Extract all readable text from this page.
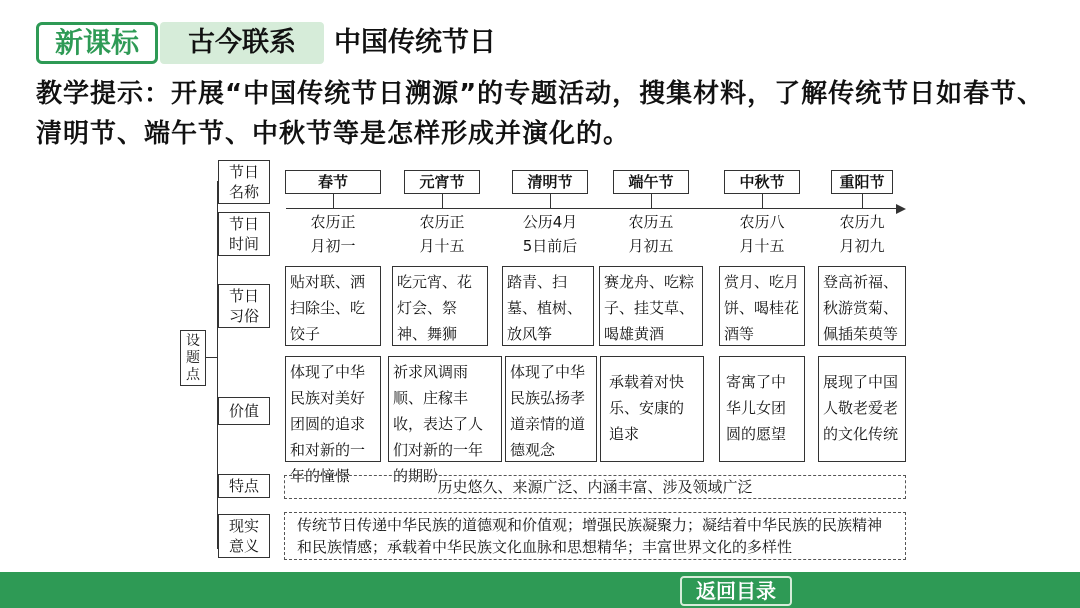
新课标	古今联系	中国传统节日
教学提示：开展“中国传统节日溯源”的专题活动，搜集材料，了解传统节日如春节、清明节、端午节、中秋节等是怎样形成并演化的。
设题点
节日名称
节日时间
节日习俗
价值
特点
现实意义
春节
农历正
月初一
贴对联、洒扫除尘、吃饺子
体现了中华民族对美好团圆的追求和对新的一年的憧憬
元宵节
农历正
月十五
吃元宵、花灯会、祭神、舞狮
祈求风调雨顺、庄稼丰收，表达了人们对新的一年的期盼
清明节
公历4月
5日前后
踏青、扫墓、植树、放风筝
体现了中华民族弘扬孝道亲情的道德观念
端午节
农历五
月初五
赛龙舟、吃粽子、挂艾草、喝雄黄酒
承载着对快乐、安康的追求
中秋节
农历八
月十五
赏月、吃月饼、喝桂花酒等
寄寓了中华儿女团圆的愿望
重阳节
农历九
月初九
登高祈福、秋游赏菊、佩插茱萸等
展现了中国人敬老爱老的文化传统
历史悠久、来源广泛、内涵丰富、涉及领域广泛
传统节日传递中华民族的道德观和价值观；增强民族凝聚力；凝结着中华民族的民族精神和民族情感；承载着中华民族文化血脉和思想精华；丰富世界文化的多样性
返回目录
